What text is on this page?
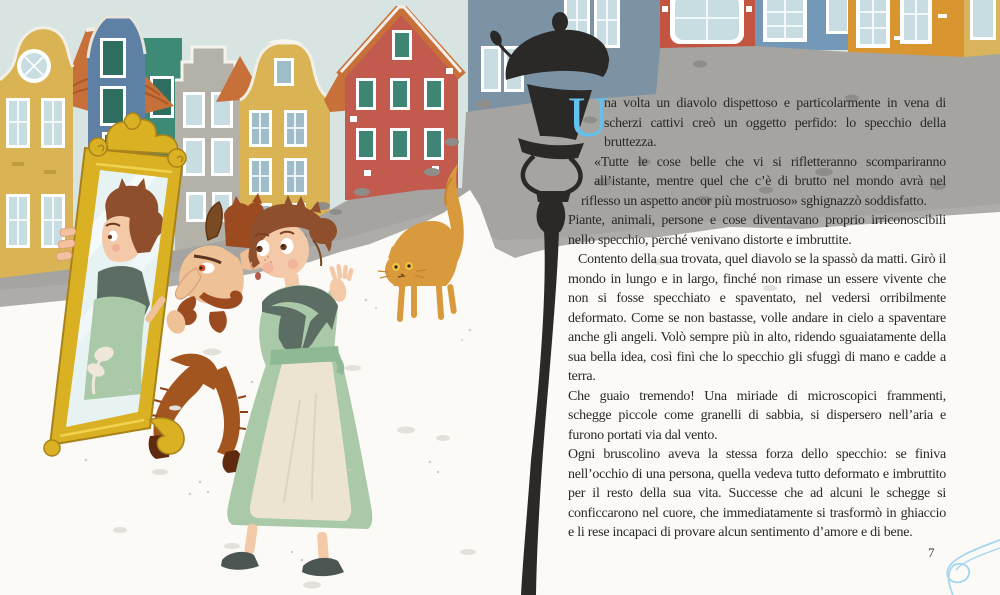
U
na volta un diavolo dispettoso e particolarmente in vena di scherzi cattivi creò un oggetto perfido: lo specchio della bruttezza.

«Tutte le cose belle che vi si rifletteranno scompariranno all’istante, mentre quel che c’è di brutto nel mondo avrà nel riflesso un aspetto ancor più mostruoso» sghignazzò soddisfatto.

Piante, animali, persone e cose diventavano proprio irriconoscibili nello specchio, perché venivano distorte e imbruttite.

Contento della sua trovata, quel diavolo se la spassò da matti. Girò il mondo in lungo e in largo, finché non rimase un essere vivente che non si fosse specchiato e spaventato, nel vedersi orribilmente deformato. Come se non bastasse, volle andare in cielo a spaventare anche gli angeli. Volò sempre più in alto, ridendo sguaiatamente della sua bella idea, così finì che lo specchio gli sfuggì di mano e cadde a terra.

Che guaio tremendo! Una miriade di microscopici frammenti, schegge piccole come granelli di sabbia, si dispersero nell’aria e furono portati via dal vento.

Ogni bruscolino aveva la stessa forza dello specchio: se finiva nell’occhio di una persona, quella vedeva tutto deformato e imbruttito per il resto della sua vita. Successe che ad alcuni le schegge si conficcarono nel cuore, che immediatamente si trasformò in ghiaccio e li rese incapaci di provare alcun sentimento d’amore e di bene.

7
